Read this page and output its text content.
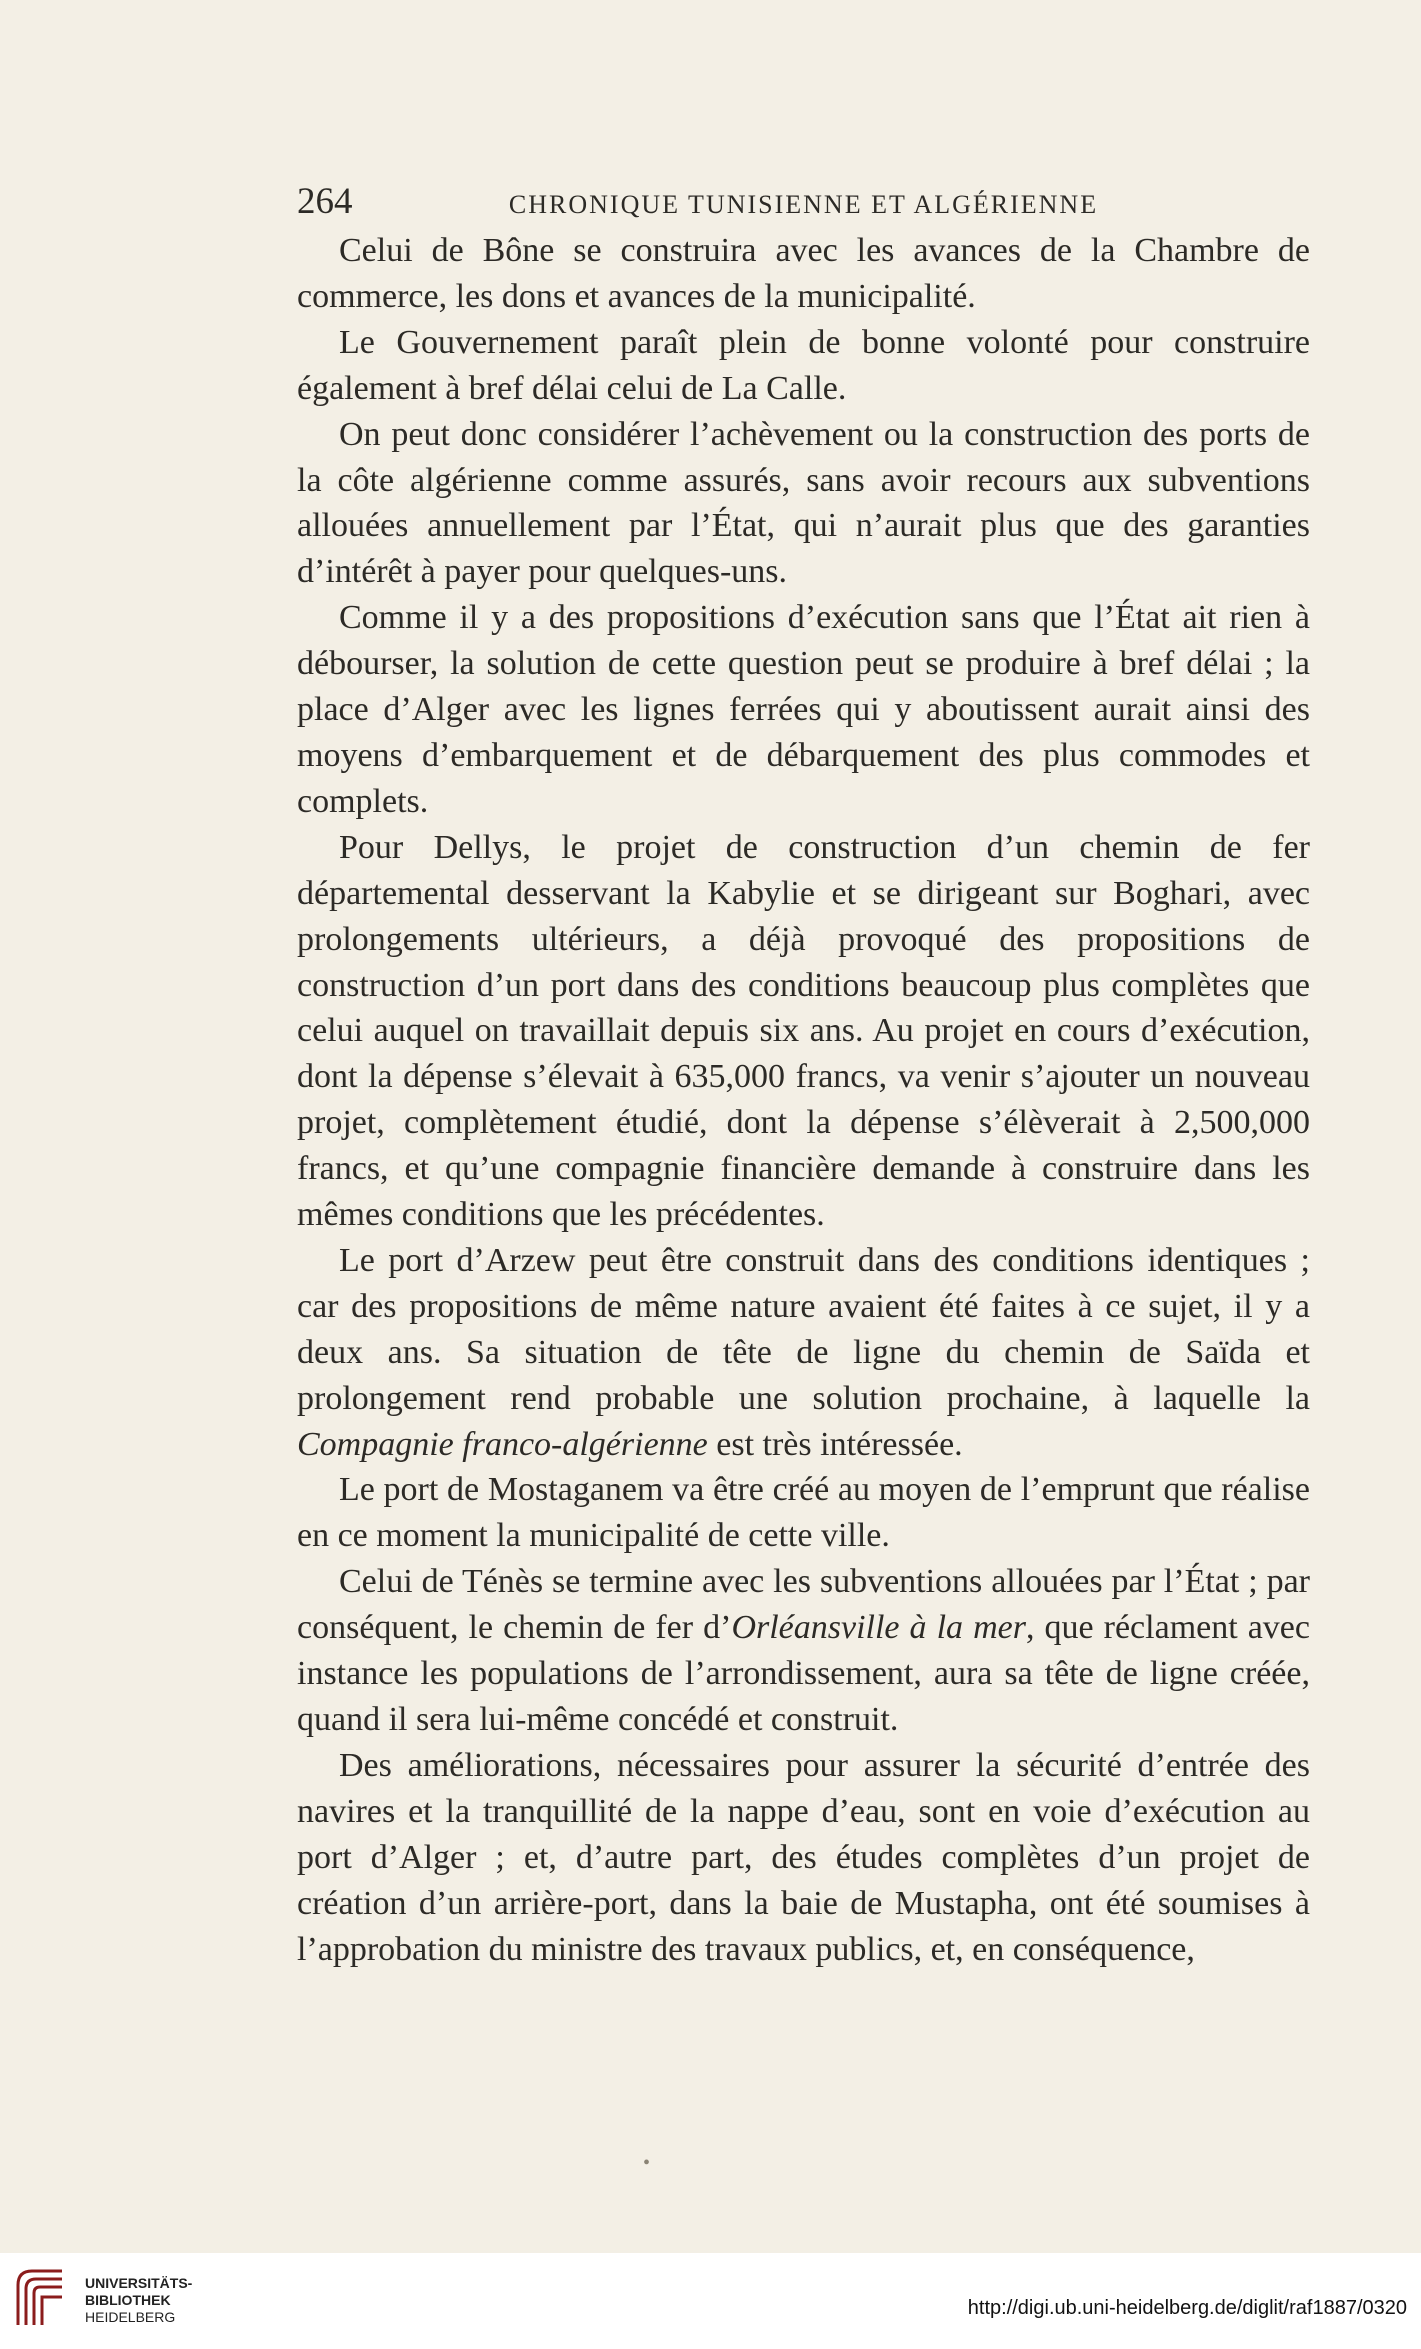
264	CHRONIQUE TUNISIENNE ET ALGÉRIENNE

Celui de Bône se construira avec les avances de la Chambre de commerce, les dons et avances de la municipalité.

Le Gouvernement paraît plein de bonne volonté pour construire également à bref délai celui de La Calle.

On peut donc considérer l’achèvement ou la construction des ports de la côte algérienne comme assurés, sans avoir recours aux subventions allouées annuellement par l’État, qui n’aurait plus que des garanties d’intérêt à payer pour quelques-uns.

Comme il y a des propositions d’exécution sans que l’État ait rien à débourser, la solution de cette question peut se produire à bref délai ; la place d’Alger avec les lignes ferrées qui y aboutissent aurait ainsi des moyens d’embarquement et de débarquement des plus commodes et complets.

Pour Dellys, le projet de construction d’un chemin de fer départemental desservant la Kabylie et se dirigeant sur Boghari, avec prolongements ultérieurs, a déjà provoqué des propositions de construction d’un port dans des conditions beaucoup plus complètes que celui auquel on travaillait depuis six ans. Au projet en cours d’exécution, dont la dépense s’élevait à 635,000 francs, va venir s’ajouter un nouveau projet, complètement étudié, dont la dépense s’élèverait à 2,500,000 francs, et qu’une compagnie financière demande à construire dans les mêmes conditions que les précédentes.

Le port d’Arzew peut être construit dans des conditions identiques ; car des propositions de même nature avaient été faites à ce sujet, il y a deux ans. Sa situation de tête de ligne du chemin de Saïda et prolongement rend probable une solution prochaine, à laquelle la Compagnie franco-algérienne est très intéressée.

Le port de Mostaganem va être créé au moyen de l’emprunt que réalise en ce moment la municipalité de cette ville.

Celui de Ténès se termine avec les subventions allouées par l’État ; par conséquent, le chemin de fer d’Orléansville à la mer, que réclament avec instance les populations de l’arrondissement, aura sa tête de ligne créée, quand il sera lui-même concédé et construit.

Des améliorations, nécessaires pour assurer la sécurité d’entrée des navires et la tranquillité de la nappe d’eau, sont en voie d’exécution au port d’Alger ; et, d’autre part, des études complètes d’un projet de création d’un arrière-port, dans la baie de Mustapha, ont été soumises à l’approbation du ministre des travaux publics, et, en conséquence,

•
UNIVERSITÄTS-
BIBLIOTHEK
HEIDELBERG	http://digi.ub.uni-heidelberg.de/diglit/raf1887/0320
